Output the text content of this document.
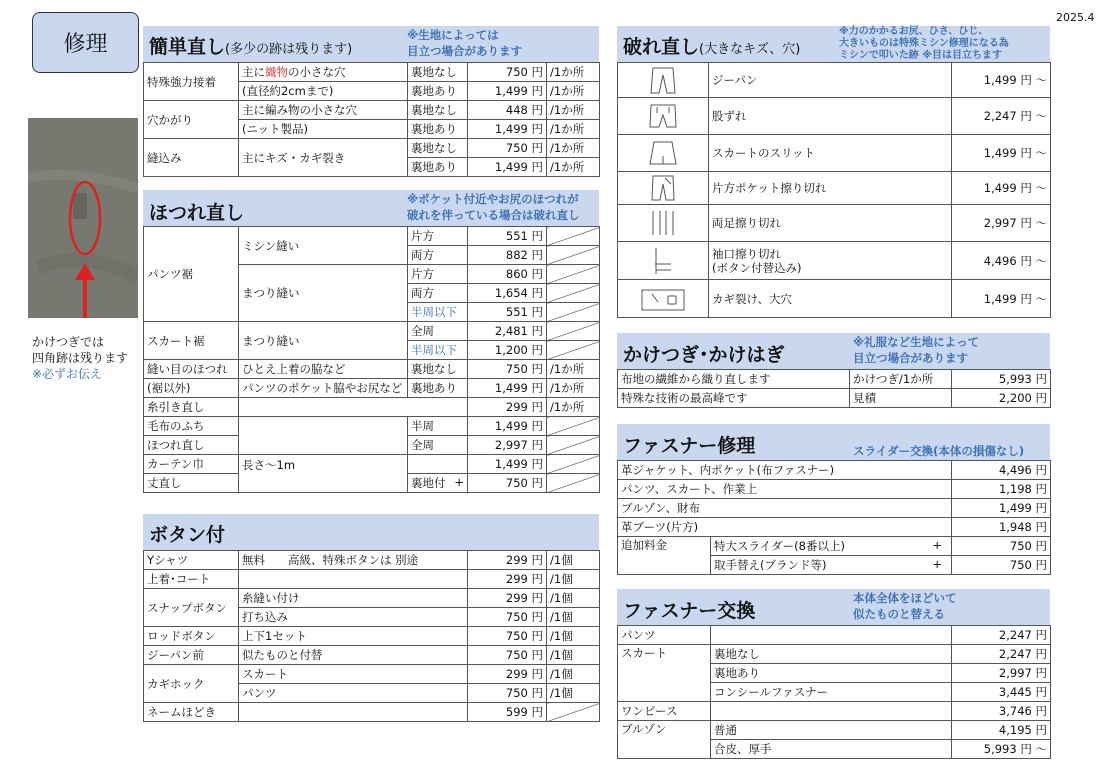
修理
2025.4
かけつぎでは
四角跡は残ります
※必ずお伝え
簡単直し(多少の跡は残ります)
※生地によっては
目立つ場合があります
特殊強力接着	主に織物の小さな穴	裏地なし	750 円	/1か所
	(直径約2cmまで)	裏地あり	1,499 円	/1か所
穴かがり	主に編み物の小さな穴	裏地なし	448 円	/1か所
	(ニット製品)	裏地あり	1,499 円	/1か所
縫込み	主にキズ・カギ裂き	裏地なし	750 円	/1か所
		裏地あり	1,499 円	/1か所
ほつれ直し
※ポケット付近やお尻のほつれが
破れを伴っている場合は破れ直し
パンツ裾	ミシン縫い	片方	551 円	
		両方	882 円	
	まつり縫い	片方	860 円	
		両方	1,654 円	
		半周以下	551 円	
スカート裾	まつり縫い	全周	2,481 円	
		半周以下	1,200 円	
縫い目のほつれ	ひとえ上着の脇など	裏地なし	750 円	/1か所
(裾以外)	パンツのポケット脇やお尻など	裏地あり	1,499 円	/1か所
糸引き直し			299 円	/1か所
毛布のふち		半周	1,499 円	
ほつれ直し		全周	2,997 円	
カーテン巾	長さ～1m		1,499 円	
丈直し		裏地付 +	750 円	
ボタン付
Yシャツ	無料　　高級、特殊ボタンは 別途	299 円	/1個
上着･コート		299 円	/1個
スナップボタン	糸縫い付け	299 円	/1個
	打ち込み	750 円	/1個
ロッドボタン	上下1セット	750 円	/1個
ジーパン前	似たものと付替	750 円	/1個
カギホック	スカート	299 円	/1個
	パンツ	750 円	/1個
ネームほどき		599 円	
破れ直し(大きなキズ、穴)
※力のかかるお尻、ひさ、ひじ、
大きいものは特殊ミシン修理になる為
ミシンで叩いた跡 ※目は目立ちます
	ジーパン	1,499 円 ～

	股ずれ	2,247 円 ～

	スカートのスリット	1,499 円 ～

	片方ポケット擦り切れ	1,499 円 ～

	両足擦り切れ	2,997 円 ～

袖口擦り切れ
(ボタン付替込み)	4,496 円 ～

	カギ裂け、大穴	1,499 円 ～
かけつぎ･かけはぎ
※礼服など生地によって
目立つ場合があります
布地の繊維から織り直します	かけつぎ/1か所	5,993 円
特殊な技術の最高峰です	見積	2,200 円
ファスナー修理	スライダー交換(本体の損傷なし)
革ジャケット、内ポケット(布ファスナー)		4,496 円
パンツ、スカート、作業上		1,198 円
ブルゾン、財布		1,499 円
革ブーツ(片方)		1,948 円
追加料金	特大スライダー(8番以上) +	750 円
	取手替え(ブランド等) +	750 円
ファスナー交換
本体全体をほどいて
似たものと替える
パンツ		2,247 円
スカート	裏地なし	2,247 円
	裏地あり	2,997 円
	コンシールファスナー	3,445 円
ワンピース		3,746 円
ブルゾン	普通	4,195 円
	合皮、厚手	5,993 円 ～
